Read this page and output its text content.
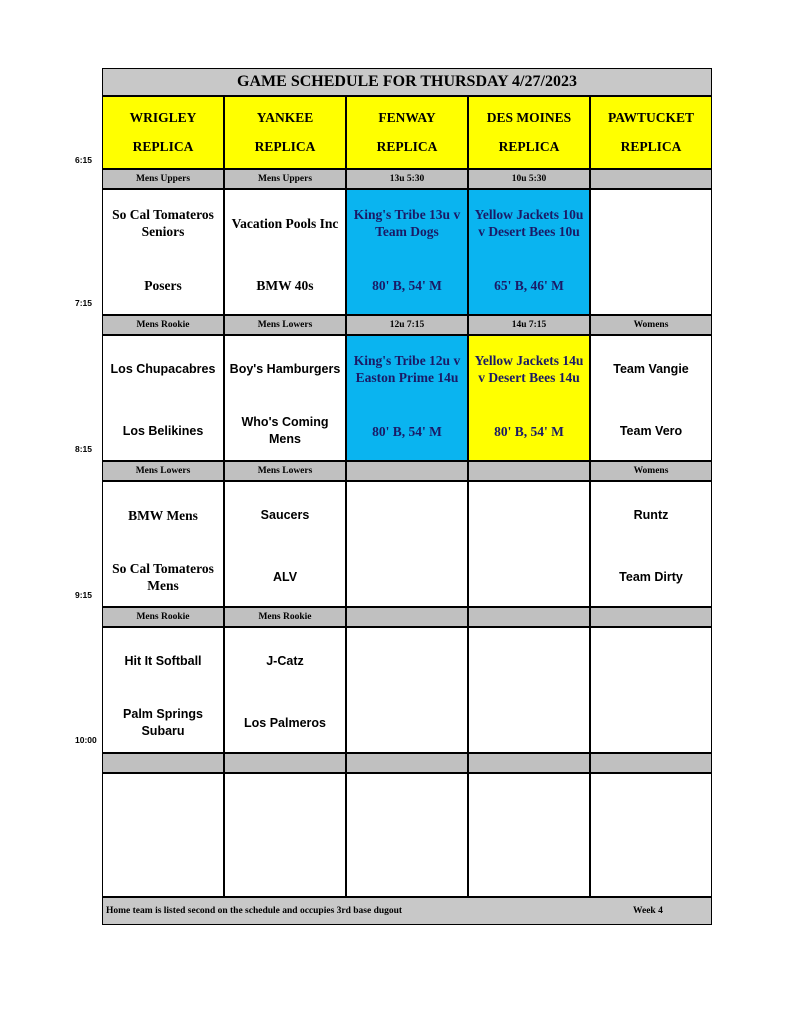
GAME SCHEDULE FOR THURSDAY 4/27/2023
Home team is listed second on the schedule and occupies 3rd base dugout	Week 4
WRIGLEY
REPLICA
YANKEE
REPLICA
FENWAY
REPLICA
DES MOINES
REPLICA
PAWTUCKET
REPLICA
Mens Uppers
So Cal Tomateros Seniors
Posers
Mens Uppers
Vacation Pools Inc
BMW 40s
13u 5:30
King's Tribe 13u v Team Dogs
80' B, 54' M
10u 5:30
Yellow Jackets 10u v Desert Bees 10u
65' B, 46' M
Mens Rookie
Los Chupacabres
Los Belikines
Mens Lowers
Boy's Hamburgers
Who's Coming Mens
12u 7:15
King's Tribe 12u v Easton Prime 14u
80' B, 54' M
14u 7:15
Yellow Jackets 14u v Desert Bees 14u
80' B, 54' M
Womens
Team Vangie
Team Vero
Mens Lowers
BMW Mens
So Cal Tomateros Mens
Mens Lowers
Saucers
ALV
Womens
Runtz
Team Dirty
Mens Rookie
Hit It Softball
Palm Springs Subaru
Mens Rookie
J-Catz
Los Palmeros
6:15
7:15
8:15
9:15
10:00
